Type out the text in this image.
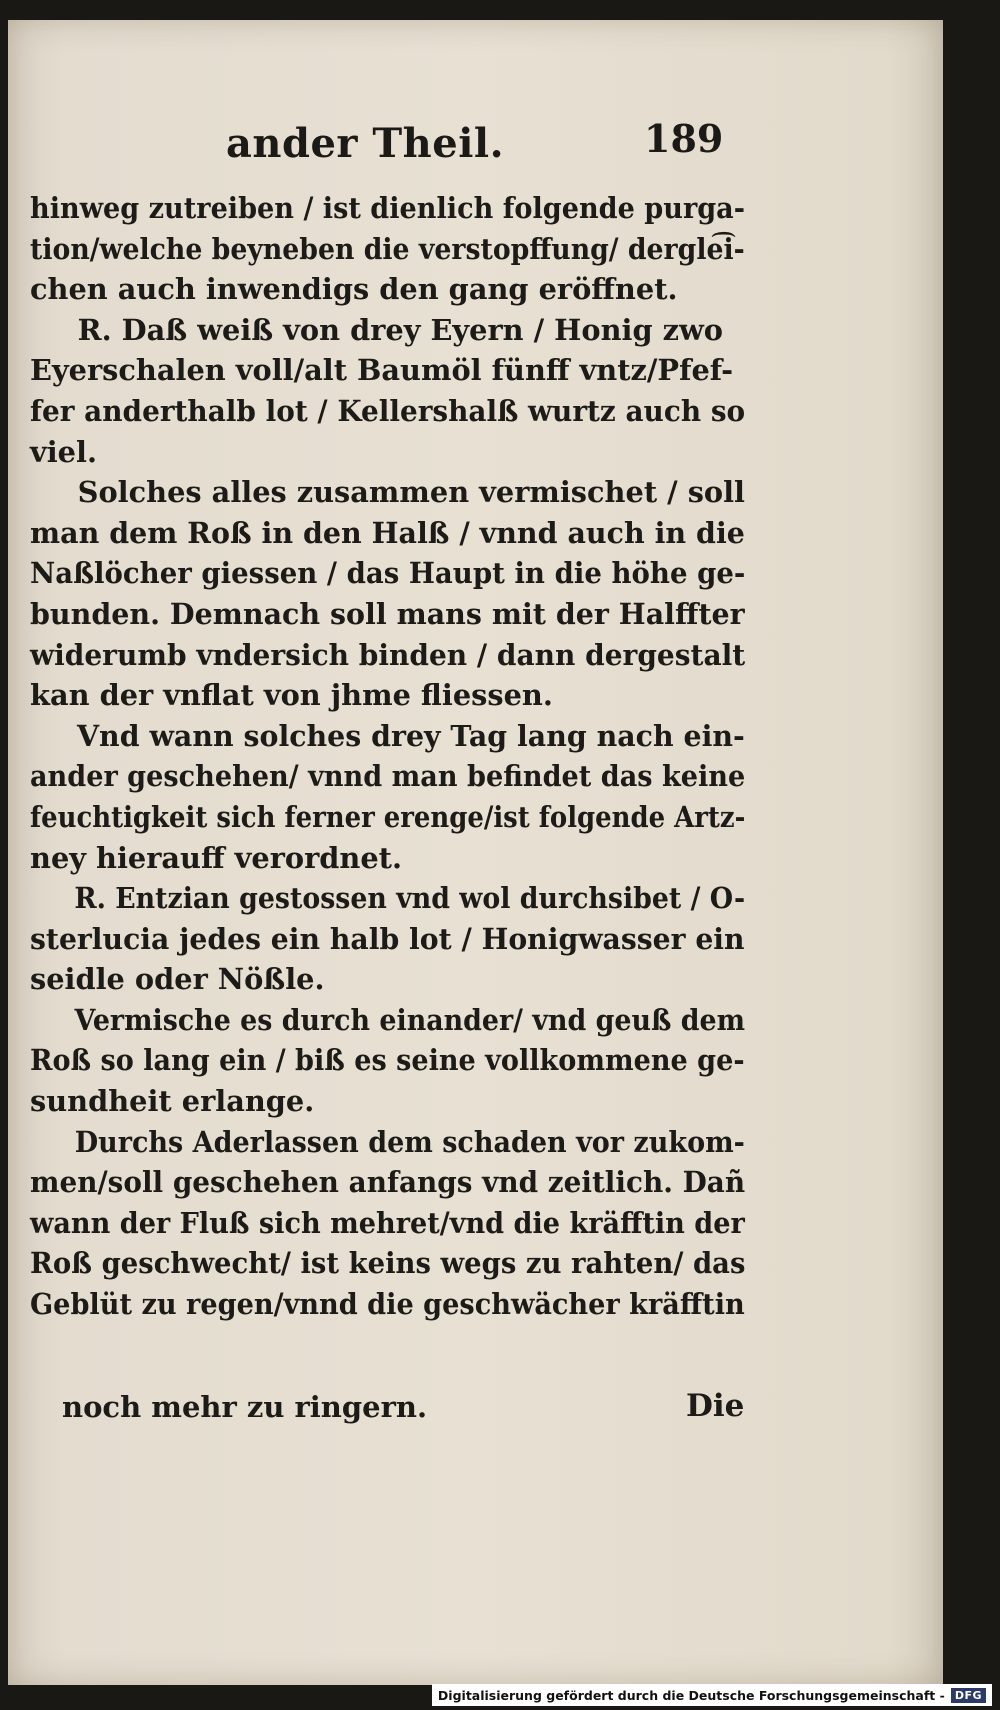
ander Theil.	189
hinweg zutreiben / ist dienlich folgende purga-
tion/welche beyneben die verstopffung/ dergle͡i-
chen auch inwendigs den gang eröffnet.
R. Daß weiß von drey Eyern / Honig zwo
Eyerschalen voll/alt Baumöl fünff vntz/Pfef-
fer anderthalb lot / Kellershalß wurtz auch so
viel.
Solches alles zusammen vermischet / soll
man dem Roß in den Halß / vnnd auch in die
Naßlöcher giessen / das Haupt in die höhe ge-
bunden. Demnach soll mans mit der Halffter
widerumb vndersich binden / dann dergestalt
kan der vnflat von jhme fliessen.
Vnd wann solches drey Tag lang nach ein-
ander geschehen/ vnnd man befindet das keine
feuchtigkeit sich ferner erenge/ist folgende Artz-
ney hierauff verordnet.
R. Entzian gestossen vnd wol durchsibet / O-
sterlucia jedes ein halb lot / Honigwasser ein
seidle oder Nößle.
Vermische es durch einander/ vnd geuß dem
Roß so lang ein / biß es seine vollkommene ge-
sundheit erlange.
Durchs Aderlassen dem schaden vor zukom-
men/soll geschehen anfangs vnd zeitlich. Dañ
wann der Fluß sich mehret/vnd die kräfftin der
Roß geschwecht/ ist keins wegs zu rahten/ das
Geblüt zu regen/vnnd die geschwächer kräfftin
noch mehr zu ringern.	Die
Digitalisierung gefördert durch die Deutsche Forschungsgemeinschaft - DFG
